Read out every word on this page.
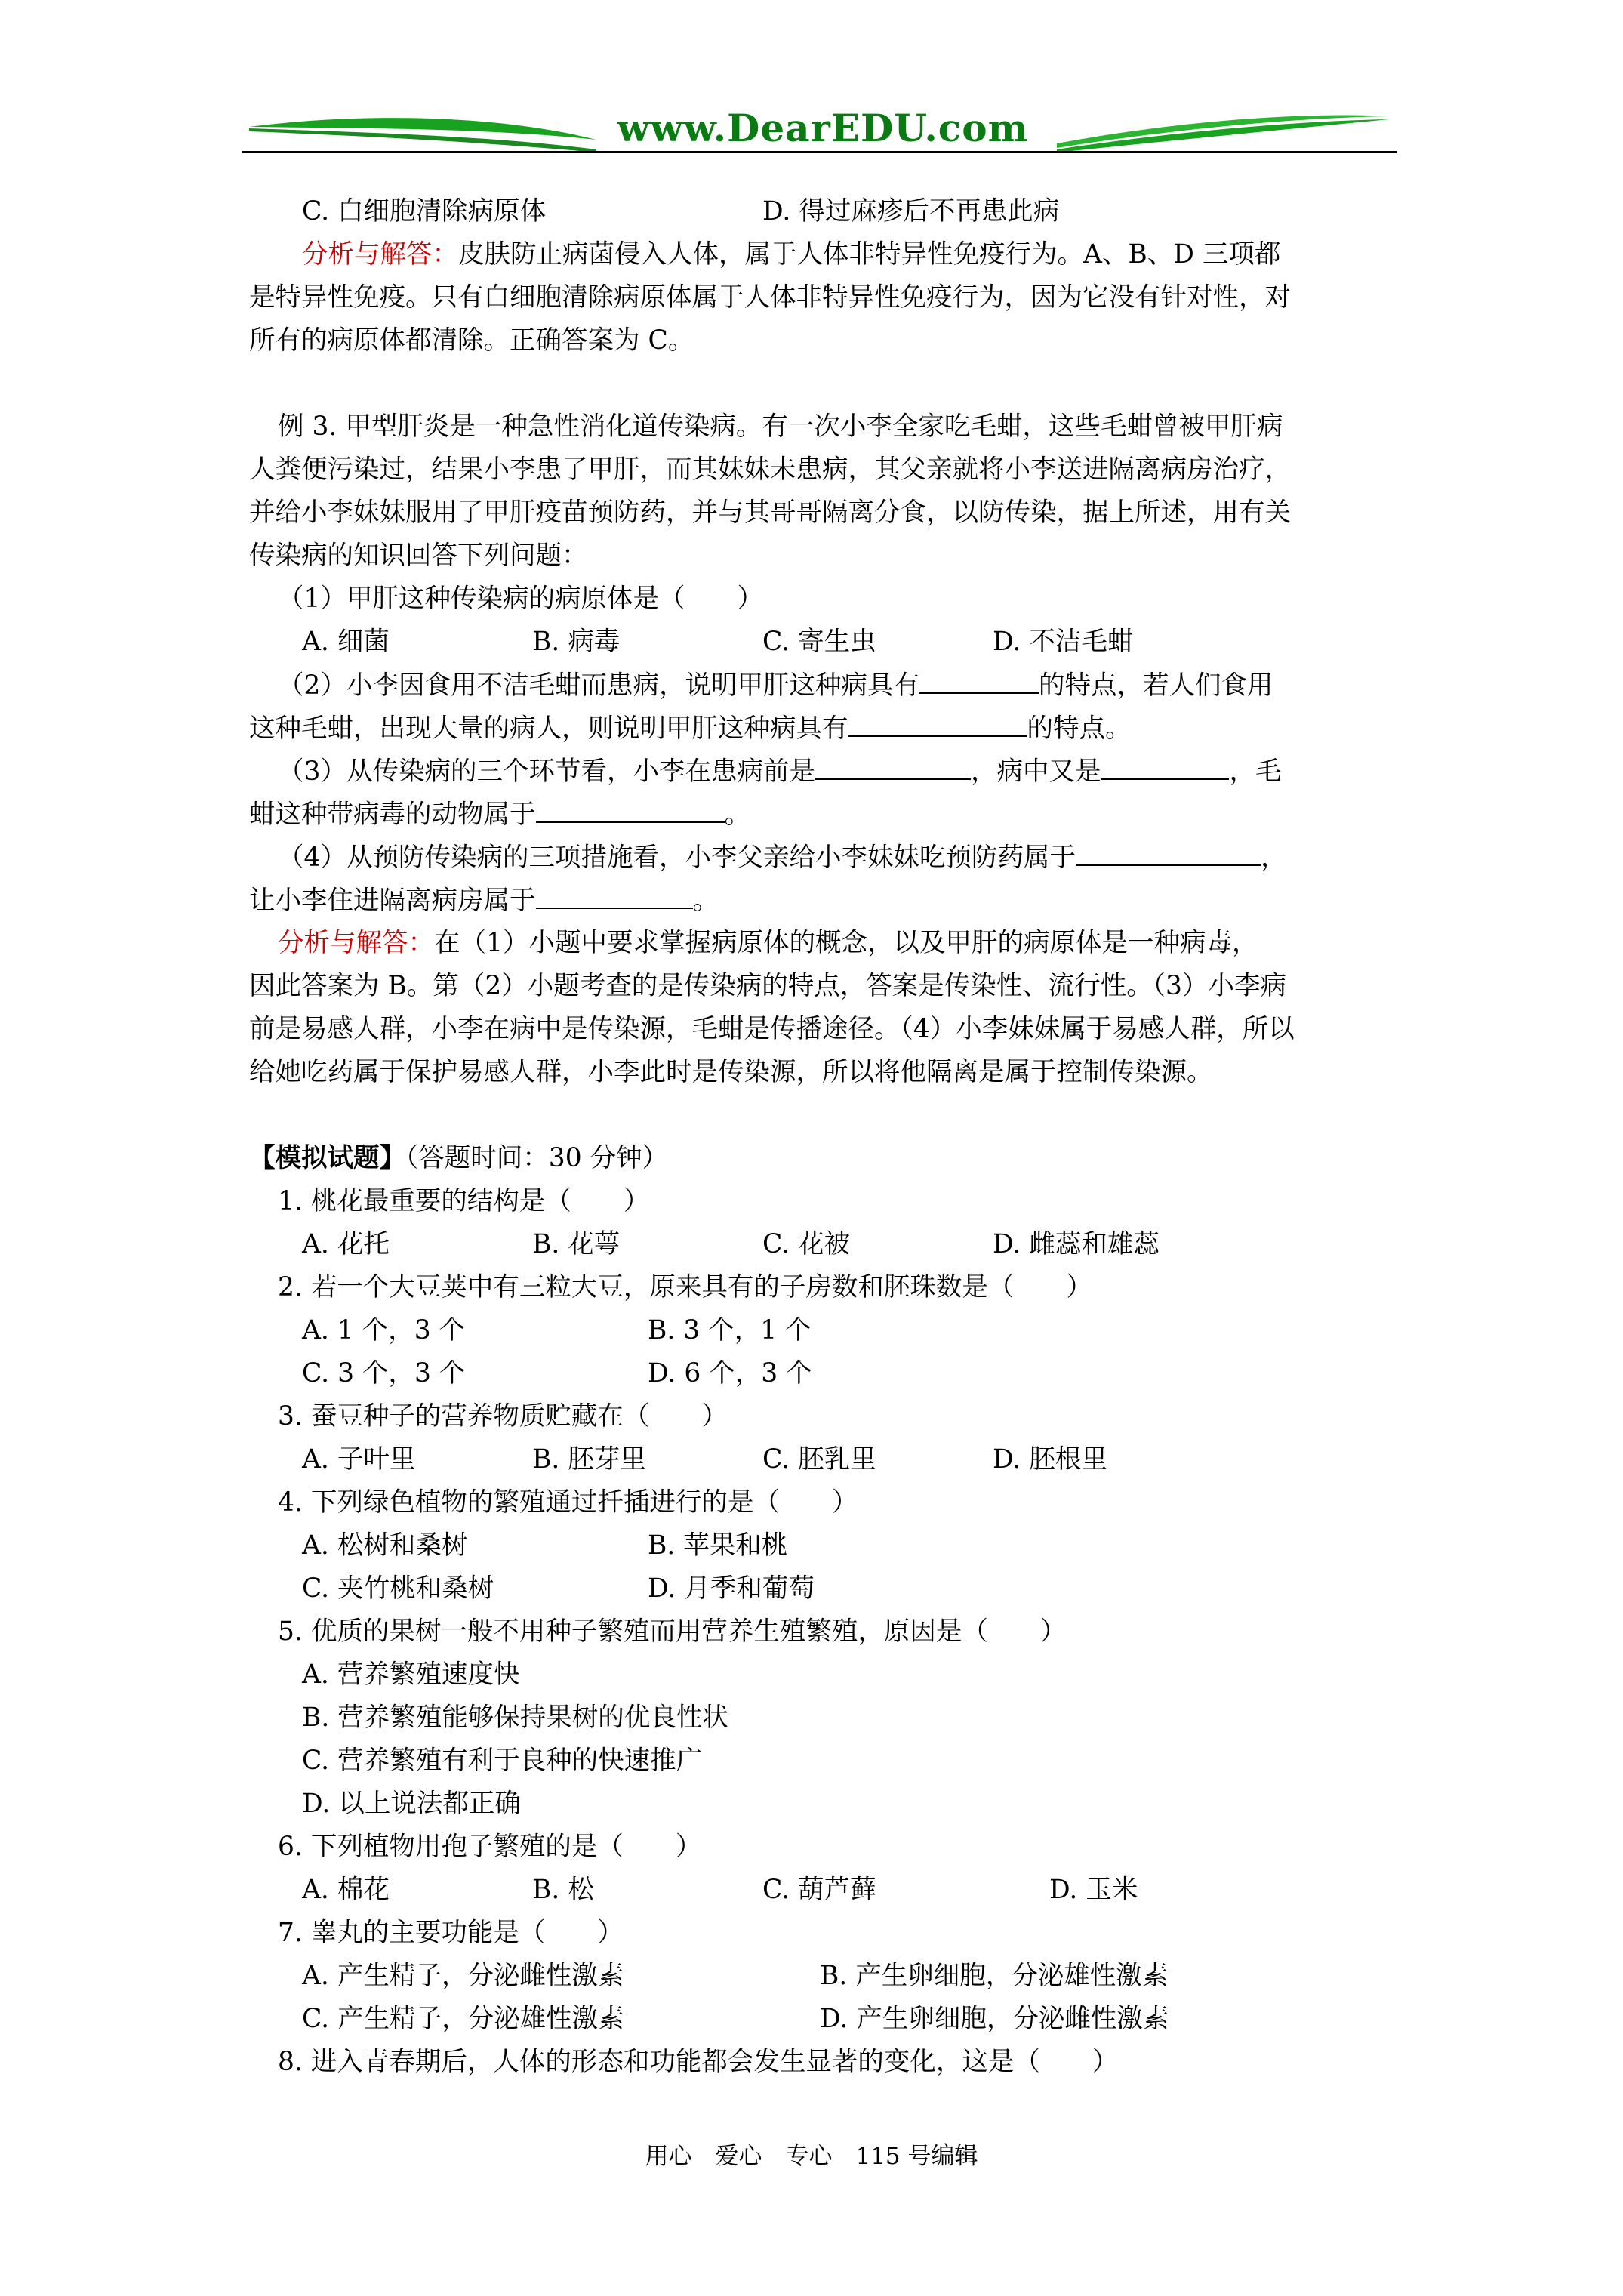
www.DearEDU.com
C. 白细胞清除病原体	D. 得过麻疹后不再患此病
分析与解答：皮肤防止病菌侵入人体，属于人体非特异性免疫行为。A、B、D 三项都
是特异性免疫。只有白细胞清除病原体属于人体非特异性免疫行为，因为它没有针对性，对
所有的病原体都清除。正确答案为 C。
例 3. 甲型肝炎是一种急性消化道传染病。有一次小李全家吃毛蚶，这些毛蚶曾被甲肝病
人粪便污染过，结果小李患了甲肝，而其妹妹未患病，其父亲就将小李送进隔离病房治疗，
并给小李妹妹服用了甲肝疫苗预防药，并与其哥哥隔离分食，以防传染，据上所述，用有关
传染病的知识回答下列问题：
（1）甲肝这种传染病的病原体是（　　）
A. 细菌	B. 病毒	C. 寄生虫	D. 不洁毛蚶
（2）小李因食用不洁毛蚶而患病，说明甲肝这种病具有	的特点，若人们食用
这种毛蚶，出现大量的病人，则说明甲肝这种病具有	的特点。
（3）从传染病的三个环节看，小李在患病前是	，病中又是	，毛
蚶这种带病毒的动物属于	。
（4）从预防传染病的三项措施看，小李父亲给小李妹妹吃预防药属于	，
让小李住进隔离病房属于	。
分析与解答：在（1）小题中要求掌握病原体的概念，以及甲肝的病原体是一种病毒，
因此答案为 B。第（2）小题考查的是传染病的特点，答案是传染性、流行性。（3）小李病
前是易感人群，小李在病中是传染源，毛蚶是传播途径。（4）小李妹妹属于易感人群，所以
给她吃药属于保护易感人群，小李此时是传染源，所以将他隔离是属于控制传染源。
【模拟试题】（答题时间：30 分钟）
1. 桃花最重要的结构是（　　）
A. 花托	B. 花萼	C. 花被	D. 雌蕊和雄蕊
2. 若一个大豆荚中有三粒大豆，原来具有的子房数和胚珠数是（　　）
A. 1 个，3 个	B. 3 个，1 个
C. 3 个，3 个	D. 6 个，3 个
3. 蚕豆种子的营养物质贮藏在（　　）
A. 子叶里	B. 胚芽里	C. 胚乳里	D. 胚根里
4. 下列绿色植物的繁殖通过扦插进行的是（　　）
A. 松树和桑树	B. 苹果和桃
C. 夹竹桃和桑树	D. 月季和葡萄
5. 优质的果树一般不用种子繁殖而用营养生殖繁殖，原因是（　　）
A. 营养繁殖速度快
B. 营养繁殖能够保持果树的优良性状
C. 营养繁殖有利于良种的快速推广
D. 以上说法都正确
6. 下列植物用孢子繁殖的是（　　）
A. 棉花	B. 松	C. 葫芦藓	D. 玉米
7. 睾丸的主要功能是（　　）
A. 产生精子，分泌雌性激素	B. 产生卵细胞，分泌雄性激素
C. 产生精子，分泌雄性激素	D. 产生卵细胞，分泌雌性激素
8. 进入青春期后，人体的形态和功能都会发生显著的变化，这是（　　）
用心　爱心　专心　115 号编辑
